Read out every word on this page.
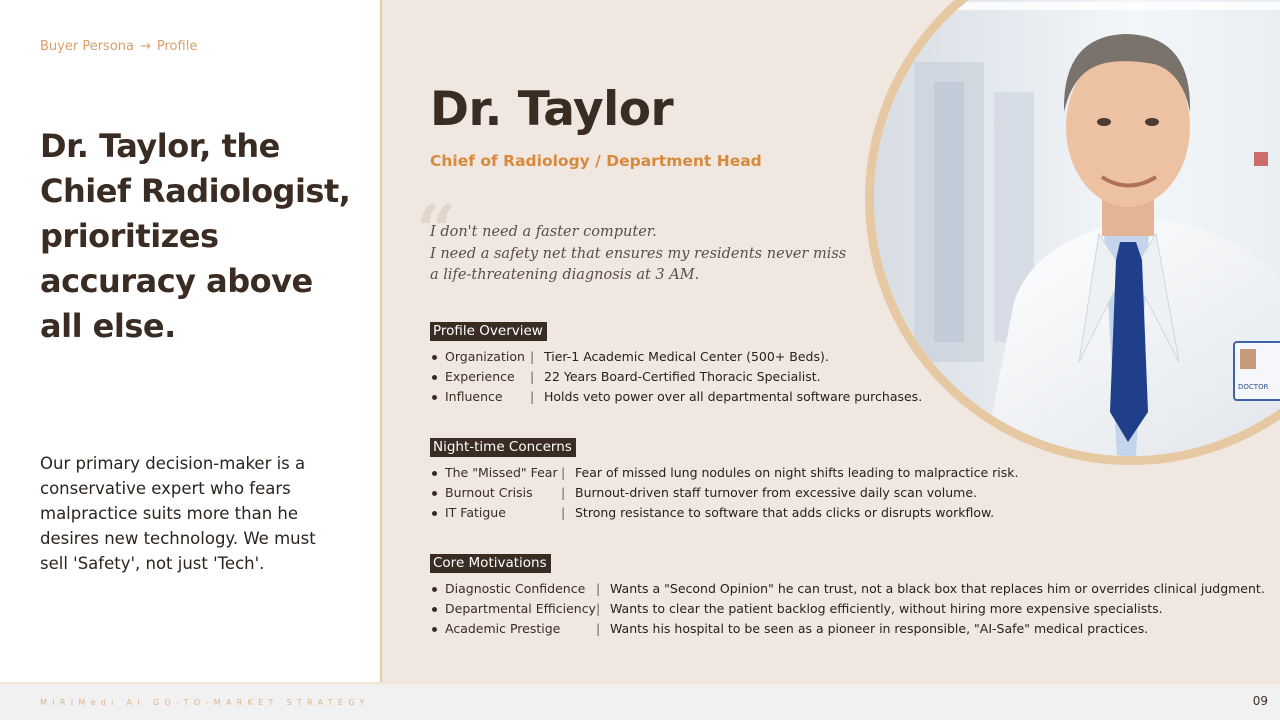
Buyer Persona → Profile
Dr. Taylor, the Chief Radiologist, prioritizes accuracy above all else.
Our primary decision-maker is a conservative expert who fears malpractice suits more than he desires new technology. We must sell 'Safety', not just 'Tech'.
DOCTOR
Dr. Taylor
Chief of Radiology / Department Head
“
I don't need a faster computer.
I need a safety net that ensures my residents never miss a life-threatening diagnosis at 3 AM.
Profile Overview
Organization | Tier-1 Academic Medical Center (500+ Beds).
Experience | 22 Years Board-Certified Thoracic Specialist.
Influence | Holds veto power over all departmental software purchases.
Night-time Concerns
The "Missed" Fear | Fear of missed lung nodules on night shifts leading to malpractice risk.
Burnout Crisis | Burnout-driven staff turnover from excessive daily scan volume.
IT Fatigue	| Strong resistance to software that adds clicks or disrupts workflow.
Core Motivations
Diagnostic Confidence | Wants a "Second Opinion" he can trust, not a black box that replaces him or overrides clinical judgment.
Departmental Efficiency | Wants to clear the patient backlog efficiently, without hiring more expensive specialists.
Academic Prestige	| Wants his hospital to be seen as a pioneer in responsible, "AI-Safe" medical practices.
MIRIMedi AI GO-TO-MARKET STRATEGY	09
